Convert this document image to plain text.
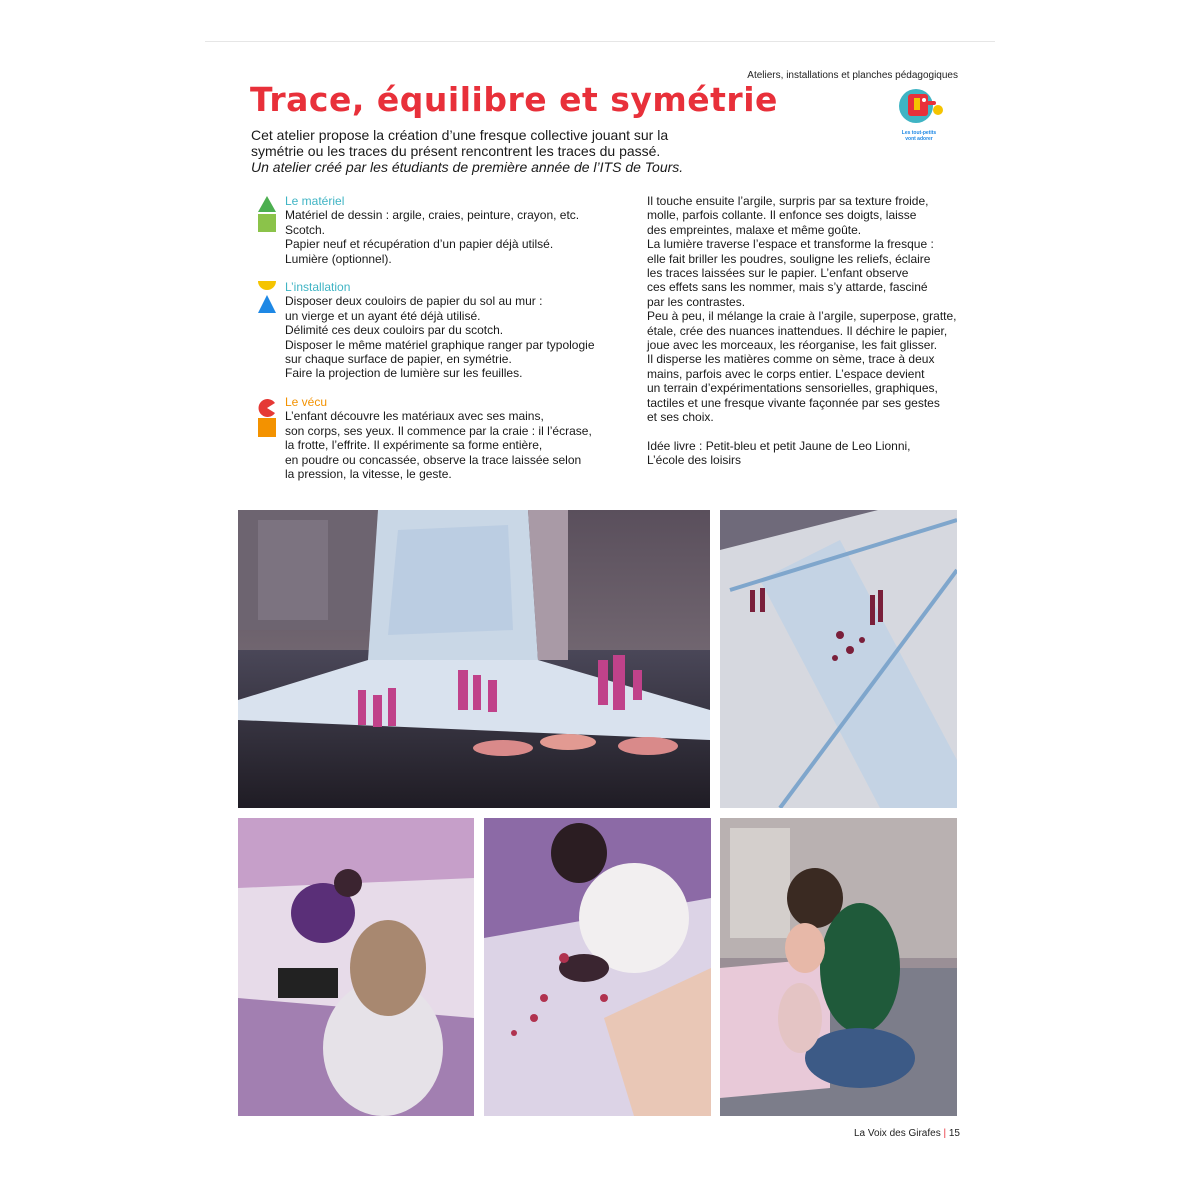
Ateliers, installations et planches pédagogiques
Les tout-petits
vont adorer
Trace, équilibre et symétrie
Cet atelier propose la création d’une fresque collective jouant sur la
symétrie ou les traces du présent rencontrent les traces du passé.
Un atelier créé par les étudiants de première année de l’ITS de Tours.
Le matériel
Matériel de dessin : argile, craies, peinture, crayon, etc.
Scotch.
Papier neuf et récupération d’un papier déjà utilsé.
Lumière (optionnel).
L’installation
Disposer deux couloirs de papier du sol au mur :
un vierge et un ayant été déjà utilisé.
Délimité ces deux couloirs par du scotch.
Disposer le même matériel graphique ranger par typologie
sur chaque surface de papier, en symétrie.
Faire la projection de lumière sur les feuilles.
Le vécu
L’enfant découvre les matériaux avec ses mains,
son corps, ses yeux. Il commence par la craie : il l’écrase,
la frotte, l’effrite. Il expérimente sa forme entière,
en poudre ou concassée, observe la trace laissée selon
la pression, la vitesse, le geste.
Il touche ensuite l’argile, surpris par sa texture froide,
molle, parfois collante. Il enfonce ses doigts, laisse
des empreintes, malaxe et même goûte.
La lumière traverse l’espace et transforme la fresque :
elle fait briller les poudres, souligne les reliefs, éclaire
les traces laissées sur le papier. L’enfant observe
ces effets sans les nommer, mais s’y attarde, fasciné
par les contrastes.
Peu à peu, il mélange la craie à l’argile, superpose, gratte,
étale, crée des nuances inattendues. Il déchire le papier,
joue avec les morceaux, les réorganise, les fait glisser.
Il disperse les matières comme on sème, trace à deux
mains, parfois avec le corps entier. L’espace devient
un terrain d’expérimentations sensorielles, graphiques,
tactiles et une fresque vivante façonnée par ses gestes
et ses choix.
Idée livre : Petit-bleu et petit Jaune de Leo Lionni,
L’école des loisirs
La Voix des Girafes | 15
